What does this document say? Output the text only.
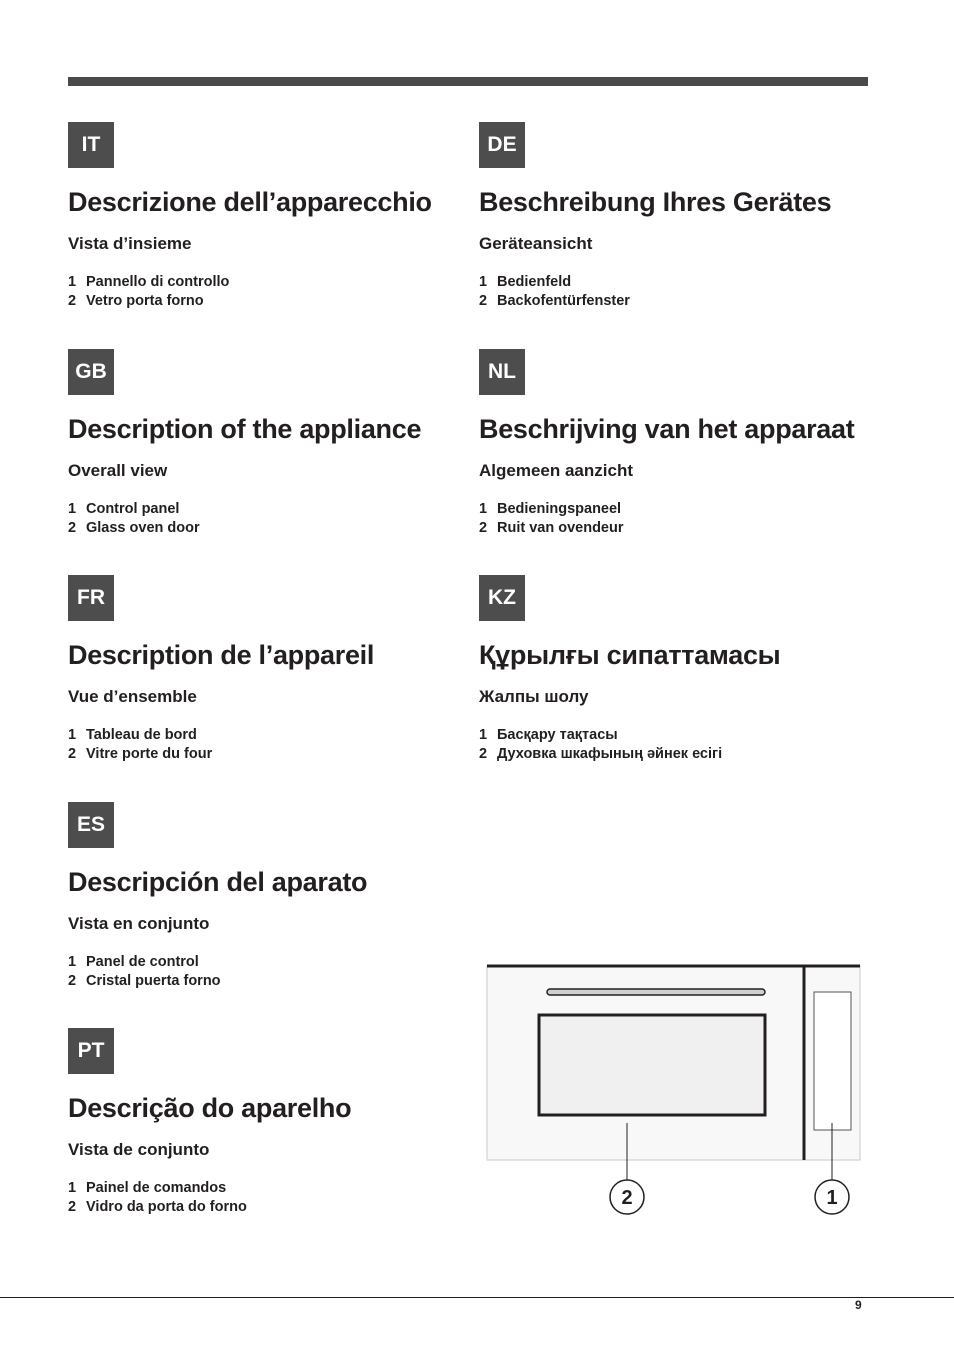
IT
Descrizione dell’apparecchio
Vista d’insieme
1 Pannello di controllo
2 Vetro porta forno
DE
Beschreibung Ihres Gerätes
Geräteansicht
1 Bedienfeld
2 Backofentürfenster
GB
Description of the appliance
Overall view
1 Control panel
2 Glass oven door
NL
Beschrijving van het apparaat
Algemeen aanzicht
1 Bedieningspaneel
2 Ruit van ovendeur
FR
Description de l’appareil
Vue d’ensemble
1 Tableau de bord
2 Vitre porte du four
KZ
Құрылғы сипаттамасы
Жалпы шолу
1 Басқару тақтасы
2 Духовка шкафының әйнек есігі
ES
Descripción del aparato
Vista en conjunto
1 Panel de control
2 Cristal puerta forno
PT
Descrição do aparelho
Vista de conjunto
1 Painel de comandos
2 Vidro da porta do forno	2	1
9
